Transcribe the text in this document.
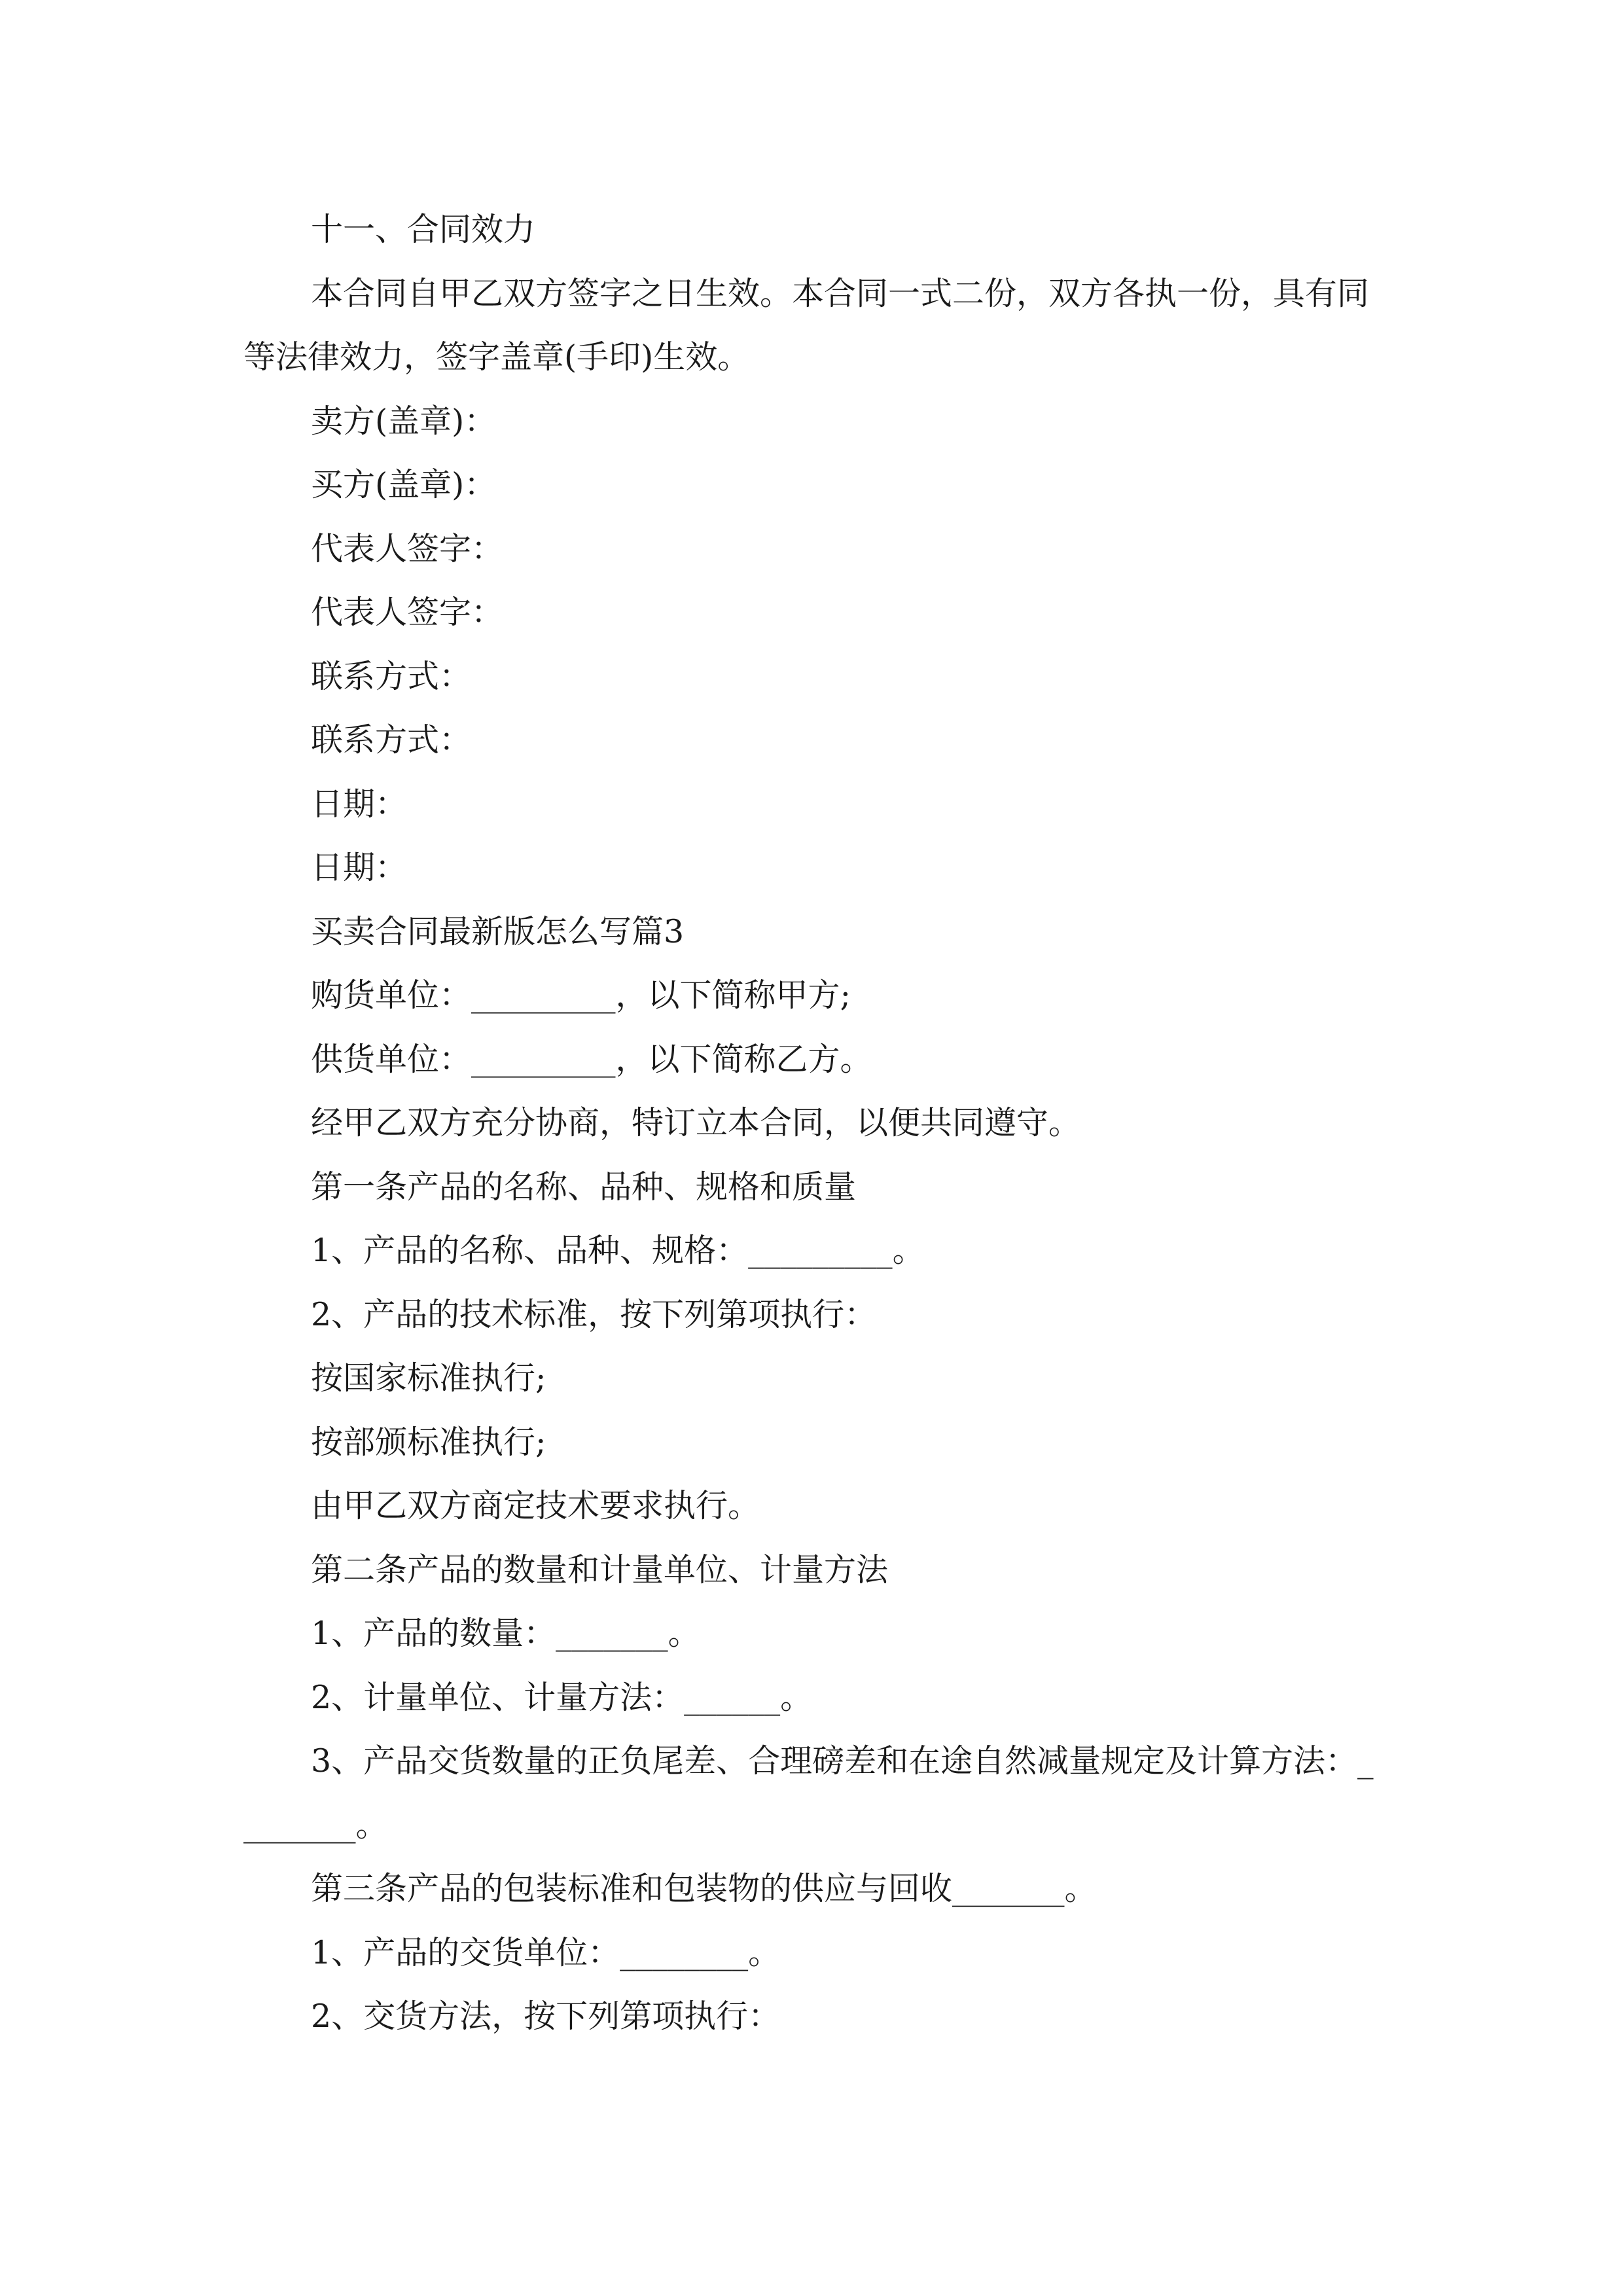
十一、合同效力

本合同自甲乙双方签字之日生效。本合同一式二份，双方各执一份，具有同等法律效力，签字盖章(手印)生效。

卖方(盖章)：

买方(盖章)：

代表人签字：

代表人签字：

联系方式：

联系方式：

日期：

日期：

买卖合同最新版怎么写篇3

购货单位：_________，以下简称甲方;

供货单位：_________，以下简称乙方。

经甲乙双方充分协商，特订立本合同，以便共同遵守。

第一条产品的名称、品种、规格和质量

1、产品的名称、品种、规格：_________。

2、产品的技术标准，按下列第项执行：

按国家标准执行;

按部颁标准执行;

由甲乙双方商定技术要求执行。

第二条产品的数量和计量单位、计量方法

1、产品的数量：_______。

2、计量单位、计量方法：______。

3、产品交货数量的正负尾差、合理磅差和在途自然减量规定及计算方法：________。

第三条产品的包装标准和包装物的供应与回收_______。

1、产品的交货单位：________。

2、交货方法，按下列第项执行：
